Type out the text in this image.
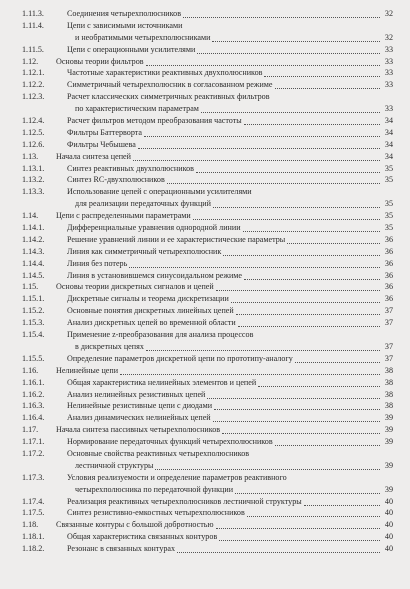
1.11.3.	Соединения четырехполюсников	32
1.11.4.	Цепи с зависимыми источниками
и необратимыми четырехполюсниками	32
1.11.5.	Цепи с операционными усилителями	33
1.12. Основы теории фильтров	33
1.12.1.	Частотные характеристики реактивных двухполюсников	33
1.12.2.	Симметричный четырехполюсник в согласованном режиме	33
1.12.3.	Расчет классических симметричных реактивных фильтров
по характеристическим параметрам	33
1.12.4.	Расчет фильтров методом преобразования частоты	34
1.12.5.	Фильтры Баттерворта	34
1.12.6.	Фильтры Чебышева	34
1.13. Начала синтеза цепей	34
1.13.1.	Синтез реактивных двухполюсников	35
1.13.2.	Синтез RC-двухполюсников	35
1.13.3.	Использование цепей с операционными усилителями
для реализации передаточных функций	35
1.14. Цепи с распределенными параметрами	35
1.14.1.	Дифференциальные уравнения однородной линии	35
1.14.2.	Решение уравнений линии и ее характеристические параметры	36
1.14.3.	Линия как симметричный четырехполюсник	36
1.14.4.	Линия без потерь	36
1.14.5.	Линия в установившемся синусоидальном режиме	36
1.15. Основы теории дискретных сигналов и цепей	36
1.15.1.	Дискретные сигналы и теорема дискретизации	36
1.15.2.	Основные понятия дискретных линейных цепей	37
1.15.3.	Анализ дискретных цепей во временной области	37
1.15.4.	Применение z-преобразования для анализа процессов
в дискретных цепях	37
1.15.5.	Определение параметров дискретной цепи по прототипу-аналогу	37
1.16. Нелинейные цепи	38
1.16.1.	Общая характеристика нелинейных элементов и цепей	38
1.16.2.	Анализ нелинейных резистивных цепей	38
1.16.3.	Нелинейные резистивные цепи с диодами	38
1.16.4.	Анализ динамических нелинейных цепей	39
1.17. Начала синтеза пассивных четырехполюсников	39
1.17.1.	Нормирование передаточных функций четырехполюсников	39
1.17.2.	Основные свойства реактивных четырехполюсников
лестничной структуры	39
1.17.3.	Условия реализуемости и определение параметров реактивного
четырехполюсника по передаточной функции	39
1.17.4.	Реализация реактивных четырехполюсников лестничной структуры	40
1.17.5.	Синтез резистивно-емкостных четырехполюсников	40
1.18. Связанные контуры с большой добротностью	40
1.18.1.	Общая характеристика связанных контуров	40
1.18.2.	Резонанс в связанных контурах	40
